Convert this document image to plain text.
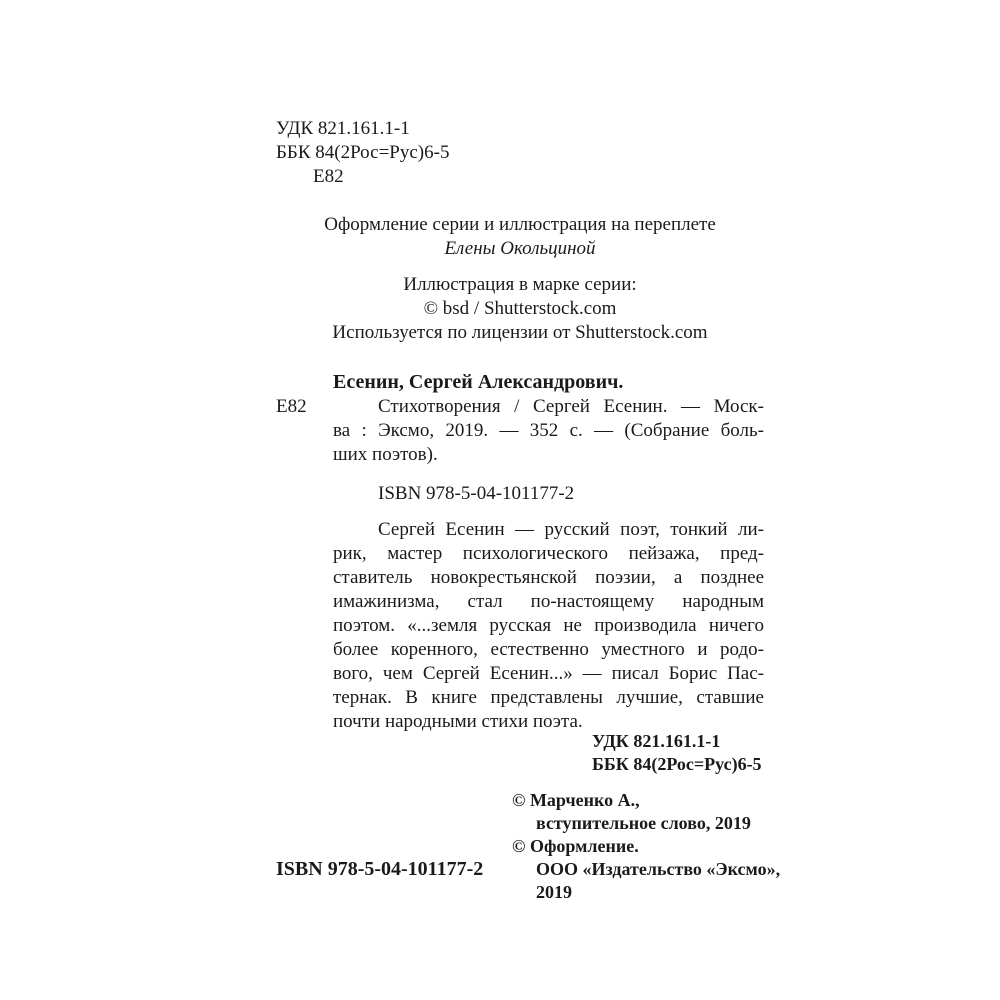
УДК 821.161.1-1
ББК 84(2Рос=Рус)6-5
Е82
Оформление серии и иллюстрация на переплете
Елены Окольциной
Иллюстрация в марке серии:
© bsd / Shutterstock.com
Используется по лицензии от Shutterstock.com
Есенин, Сергей Александрович.
Е82	Стихотворения / Сергей Есенин. — Моск-
ва : Эксмо, 2019. — 352 с. — (Собрание боль-
ших поэтов).
ISBN 978-5-04-101177-2
Сергей Есенин — русский поэт, тонкий ли-
рик, мастер психологического пейзажа, пред-
ставитель новокрестьянской поэзии, а позднее
имажинизма, стал по-настоящему народным
поэтом. «...земля русская не производила ничего
более коренного, естественно уместного и родо-
вого, чем Сергей Есенин...» — писал Борис Пас-
тернак. В книге представлены лучшие, ставшие
почти народными стихи поэта.
УДК 821.161.1-1
ББК 84(2Рос=Рус)6-5
© Марченко А.,
вступительное слово, 2019
© Оформление.
ООО «Издательство «Эксмо»,
2019
ISBN 978-5-04-101177-2
